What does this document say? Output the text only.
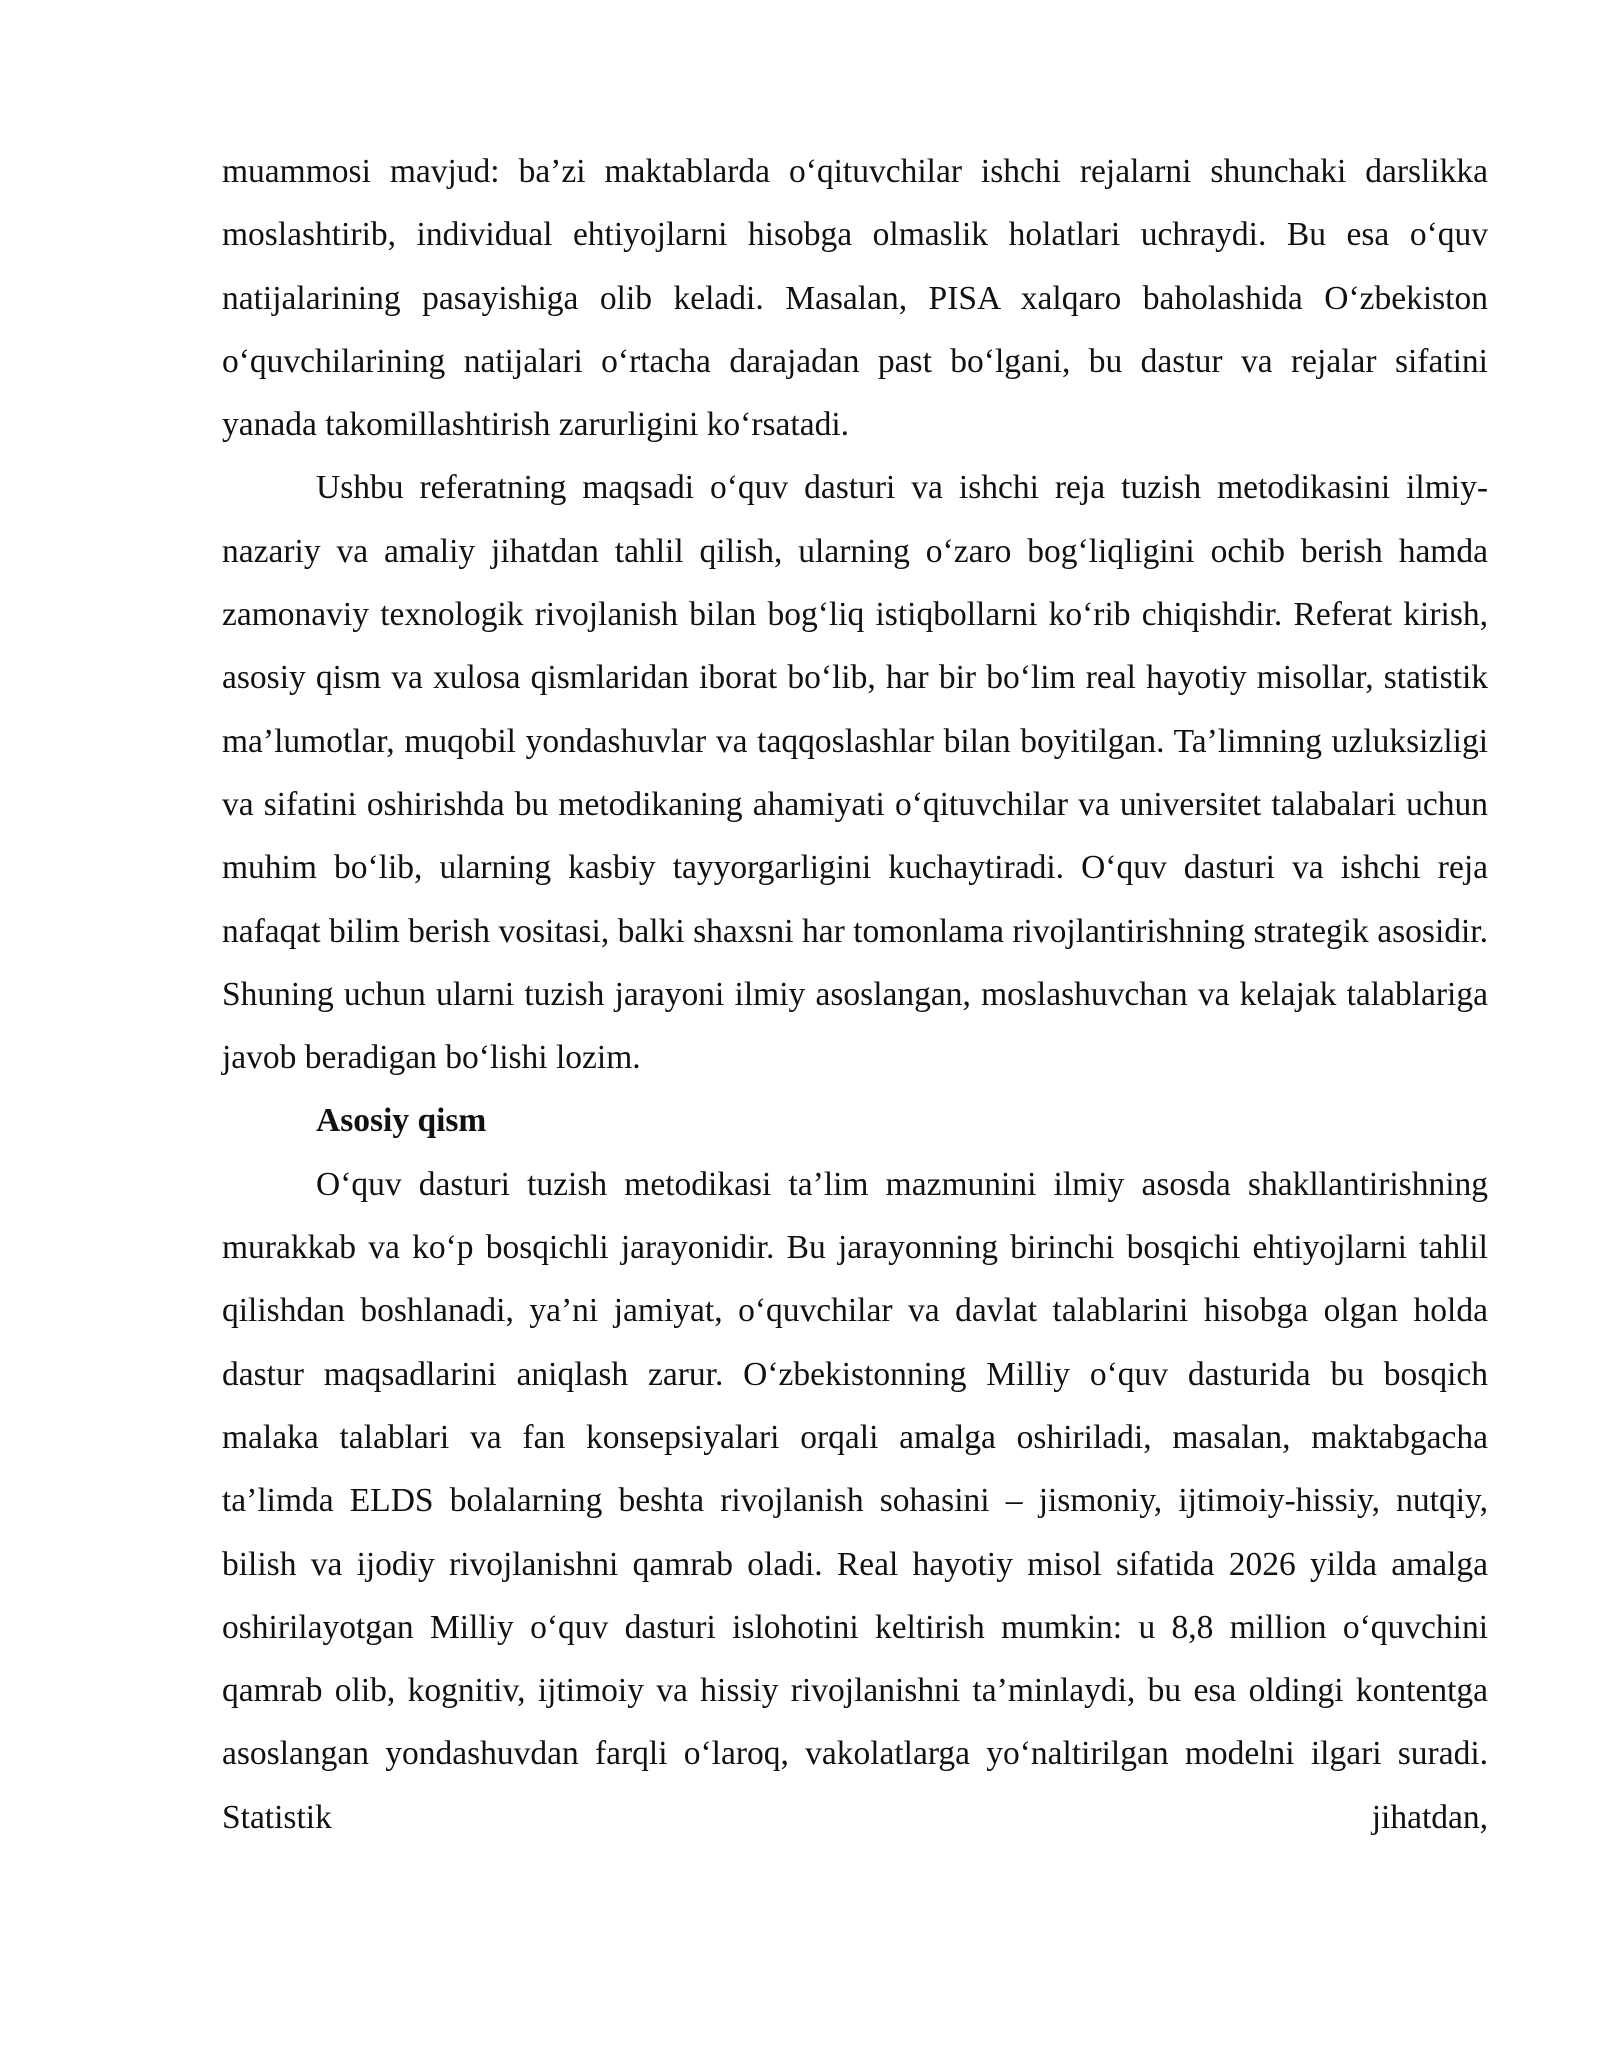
muammosi mavjud: ba’zi maktablarda o‘qituvchilar ishchi rejalarni shunchaki darslikka moslashtirib, individual ehtiyojlarni hisobga olmaslik holatlari uchraydi. Bu esa o‘quv natijalarining pasayishiga olib keladi. Masalan, PISA xalqaro baholashida O‘zbekiston o‘quvchilarining natijalari o‘rtacha darajadan past bo‘lgani, bu dastur va rejalar sifatini yanada takomillashtirish zarurligini ko‘rsatadi.

Ushbu referatning maqsadi o‘quv dasturi va ishchi reja tuzish metodikasini ilmiy-nazariy va amaliy jihatdan tahlil qilish, ularning o‘zaro bog‘liqligini ochib berish hamda zamonaviy texnologik rivojlanish bilan bog‘liq istiqbollarni ko‘rib chiqishdir. Referat kirish, asosiy qism va xulosa qismlaridan iborat bo‘lib, har bir bo‘lim real hayotiy misollar, statistik ma’lumotlar, muqobil yondashuvlar va taqqoslashlar bilan boyitilgan. Ta’limning uzluksizligi va sifatini oshirishda bu metodikaning ahamiyati o‘qituvchilar va universitet talabalari uchun muhim bo‘lib, ularning kasbiy tayyorgarligini kuchaytiradi. O‘quv dasturi va ishchi reja nafaqat bilim berish vositasi, balki shaxsni har tomonlama rivojlantirishning strategik asosidir. Shuning uchun ularni tuzish jarayoni ilmiy asoslangan, moslashuvchan va kelajak talablariga javob beradigan bo‘lishi lozim.

Asosiy qism

O‘quv dasturi tuzish metodikasi ta’lim mazmunini ilmiy asosda shakllantirishning murakkab va ko‘p bosqichli jarayonidir. Bu jarayonning birinchi bosqichi ehtiyojlarni tahlil qilishdan boshlanadi, ya’ni jamiyat, o‘quvchilar va davlat talablarini hisobga olgan holda dastur maqsadlarini aniqlash zarur. O‘zbekistonning Milliy o‘quv dasturida bu bosqich malaka talablari va fan konsepsiyalari orqali amalga oshiriladi, masalan, maktabgacha ta’limda ELDS bolalarning beshta rivojlanish sohasini – jismoniy, ijtimoiy-hissiy, nutqiy, bilish va ijodiy rivojlanishni qamrab oladi. Real hayotiy misol sifatida 2026 yilda amalga oshirilayotgan Milliy o‘quv dasturi islohotini keltirish mumkin: u 8,8 million o‘quvchini qamrab olib, kognitiv, ijtimoiy va hissiy rivojlanishni ta’minlaydi, bu esa oldingi kontentga asoslangan yondashuvdan farqli o‘laroq, vakolatlarga yo‘naltirilgan modelni ilgari suradi. Statistik jihatdan,
